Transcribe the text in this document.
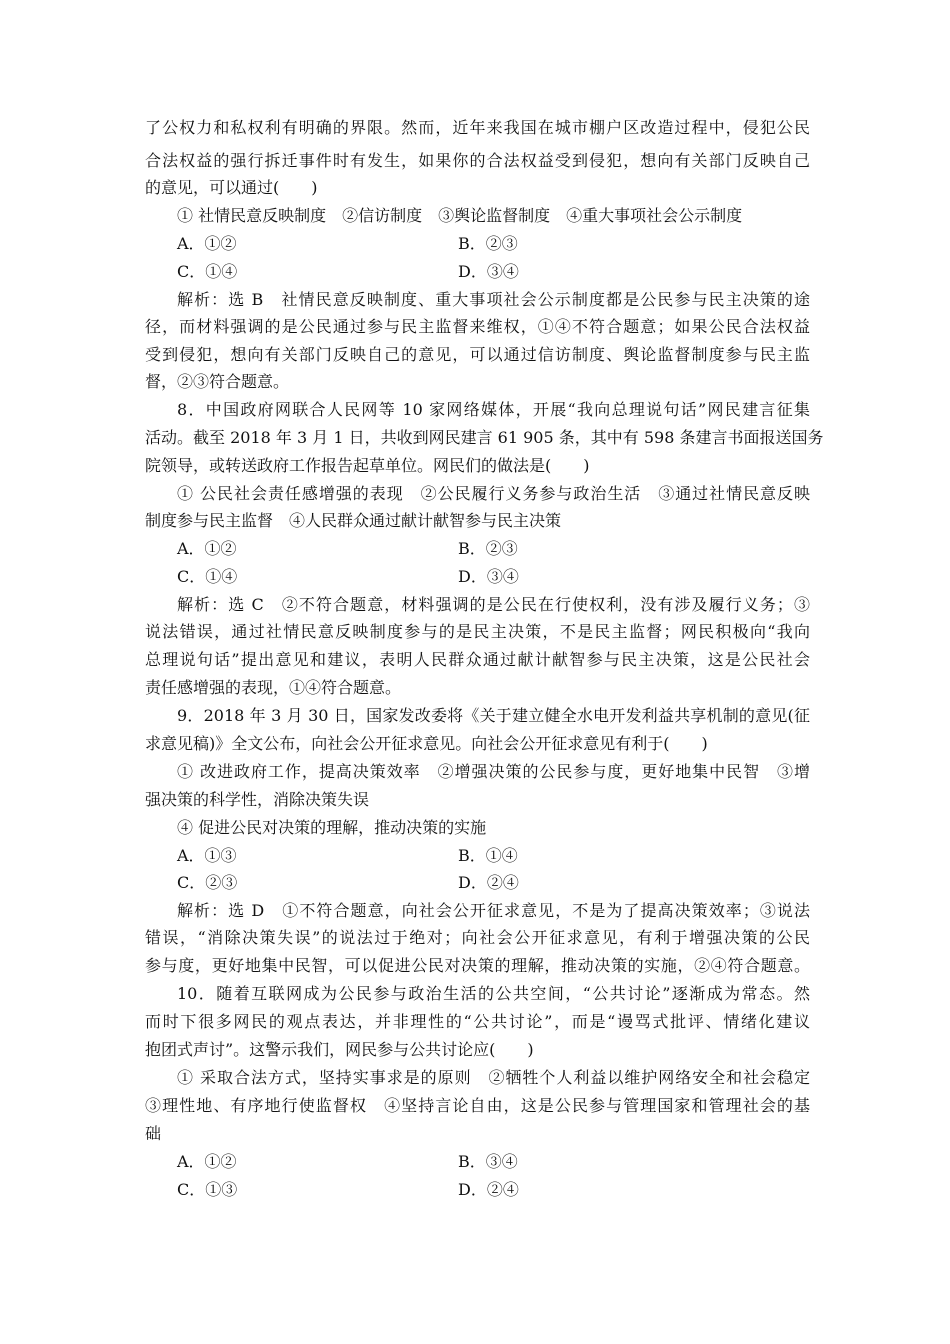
了公权力和私权利有明确的界限。然而，近年来我国在城市棚户区改造过程中，侵犯公民
合法权益的强行拆迁事件时有发生，如果你的合法权益受到侵犯，想向有关部门反映自己
的意见，可以通过(　　)
① 社情民意反映制度　②信访制度　③舆论监督制度　④重大事项社会公示制度
A．①②	B．②③
C．①④	D．③④
解析：选 B　社情民意反映制度、重大事项社会公示制度都是公民参与民主决策的途
径，而材料强调的是公民通过参与民主监督来维权，①④不符合题意；如果公民合法权益
受到侵犯，想向有关部门反映自己的意见，可以通过信访制度、舆论监督制度参与民主监
督，②③符合题意。
8．中国政府网联合人民网等 10 家网络媒体，开展“我向总理说句话”网民建言征集
活动。截至 2018 年 3 月 1 日，共收到网民建言 61 905 条，其中有 598 条建言书面报送国务
院领导，或转送政府工作报告起草单位。网民们的做法是(　　)
① 公民社会责任感增强的表现　②公民履行义务参与政治生活　③通过社情民意反映
制度参与民主监督　④人民群众通过献计献智参与民主决策
A．①②	B．②③
C．①④	D．③④
解析：选 C　②不符合题意，材料强调的是公民在行使权利，没有涉及履行义务；③
说法错误，通过社情民意反映制度参与的是民主决策，不是民主监督；网民积极向“我向
总理说句话”提出意见和建议，表明人民群众通过献计献智参与民主决策，这是公民社会
责任感增强的表现，①④符合题意。
9．2018 年 3 月 30 日，国家发改委将《关于建立健全水电开发利益共享机制的意见(征
求意见稿)》全文公布，向社会公开征求意见。向社会公开征求意见有利于(　　)
① 改进政府工作，提高决策效率　②增强决策的公民参与度，更好地集中民智　③增
强决策的科学性，消除决策失误
④ 促进公民对决策的理解，推动决策的实施
A．①③	B．①④
C．②③	D．②④
解析：选 D　①不符合题意，向社会公开征求意见，不是为了提高决策效率；③说法
错误，“消除决策失误”的说法过于绝对；向社会公开征求意见，有利于增强决策的公民
参与度，更好地集中民智，可以促进公民对决策的理解，推动决策的实施，②④符合题意。
10．随着互联网成为公民参与政治生活的公共空间，“公共讨论”逐渐成为常态。然
而时下很多网民的观点表达，并非理性的“公共讨论”，而是“谩骂式批评、情绪化建议
抱团式声讨”。这警示我们，网民参与公共讨论应(　　)
① 采取合法方式，坚持实事求是的原则　②牺牲个人利益以维护网络安全和社会稳定
③理性地、有序地行使监督权　④坚持言论自由，这是公民参与管理国家和管理社会的基
础
A．①②	B．③④
C．①③	D．②④
